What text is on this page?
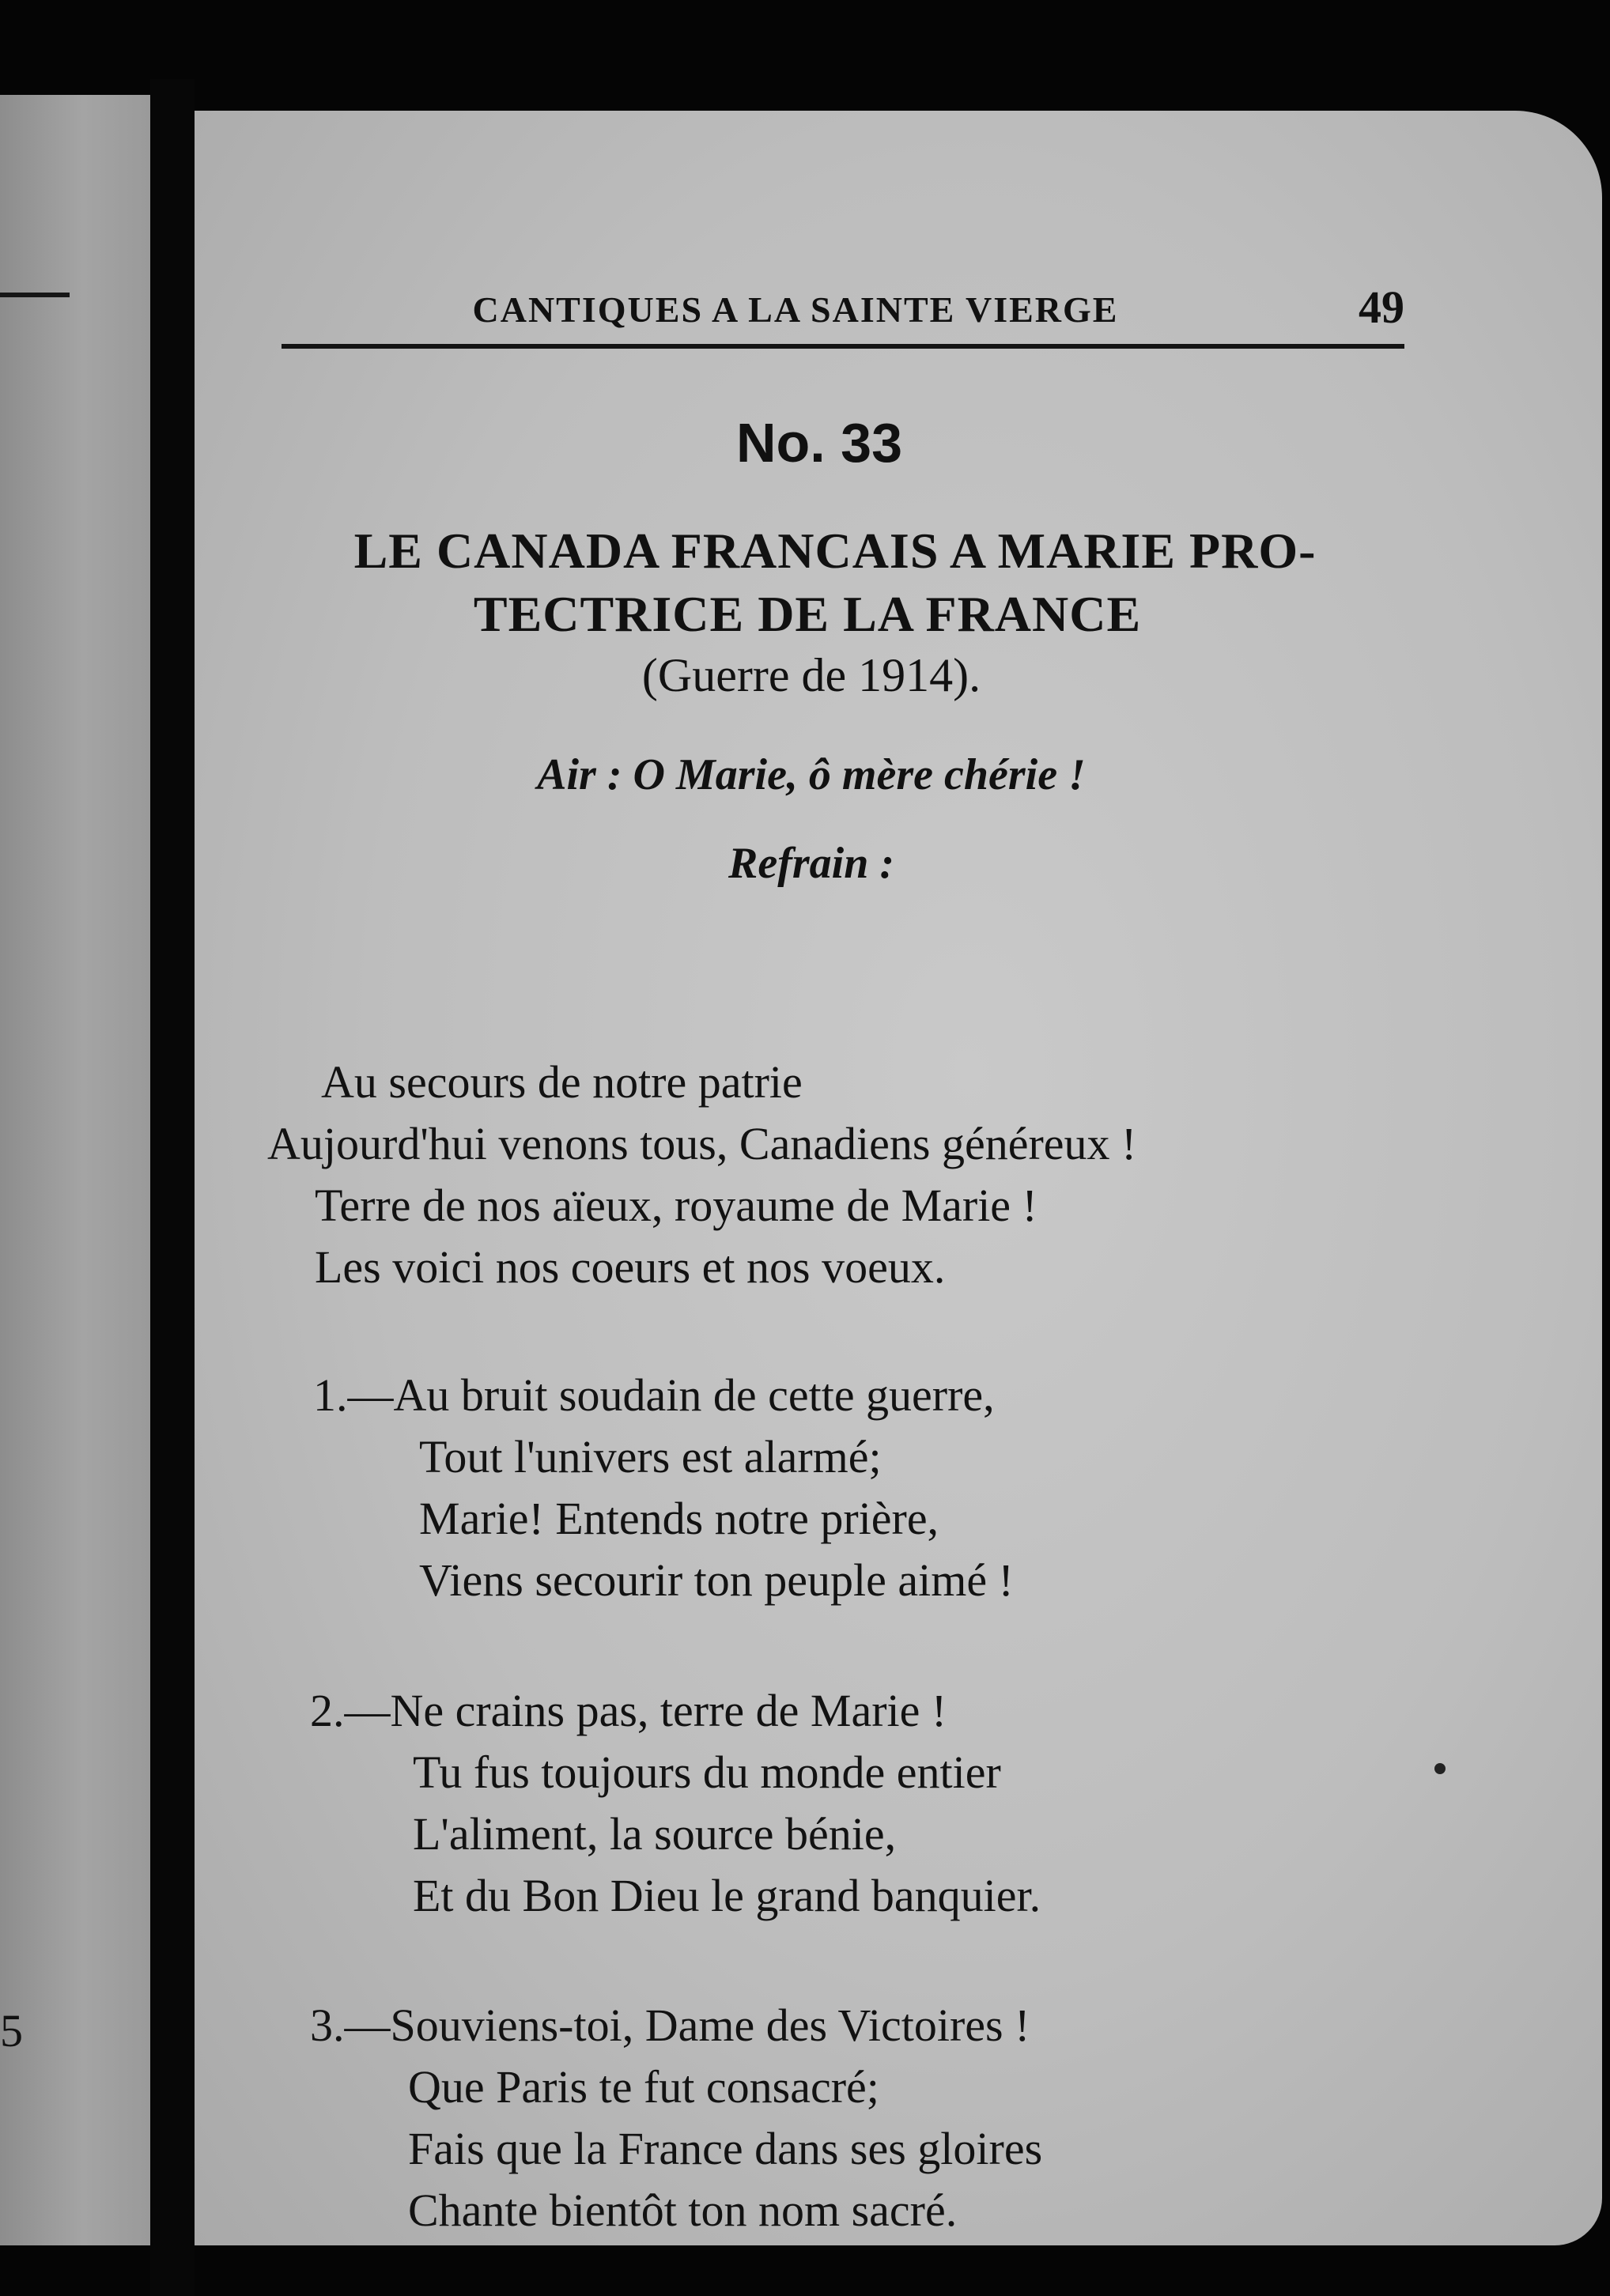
5
CANTIQUES A LA SAINTE VIERGE	49
No. 33
LE CANADA FRANCAIS A MARIE PRO-
TECTRICE DE LA FRANCE
(Guerre de 1914).
Air : O Marie, ô mère chérie !
Refrain :
Au secours de notre patrie
Aujourd'hui venons tous, Canadiens généreux !
Terre de nos aïeux, royaume de Marie !
Les voici nos coeurs et nos voeux.
1.—Au bruit soudain de cette guerre,
Tout l'univers est alarmé;
Marie! Entends notre prière,
Viens secourir ton peuple aimé !
2.—Ne crains pas, terre de Marie !
Tu fus toujours du monde entier
L'aliment, la source bénie,
Et du Bon Dieu le grand banquier.
3.—Souviens-toi, Dame des Victoires !
Que Paris te fut consacré;
Fais que la France dans ses gloires
Chante bientôt ton nom sacré.
